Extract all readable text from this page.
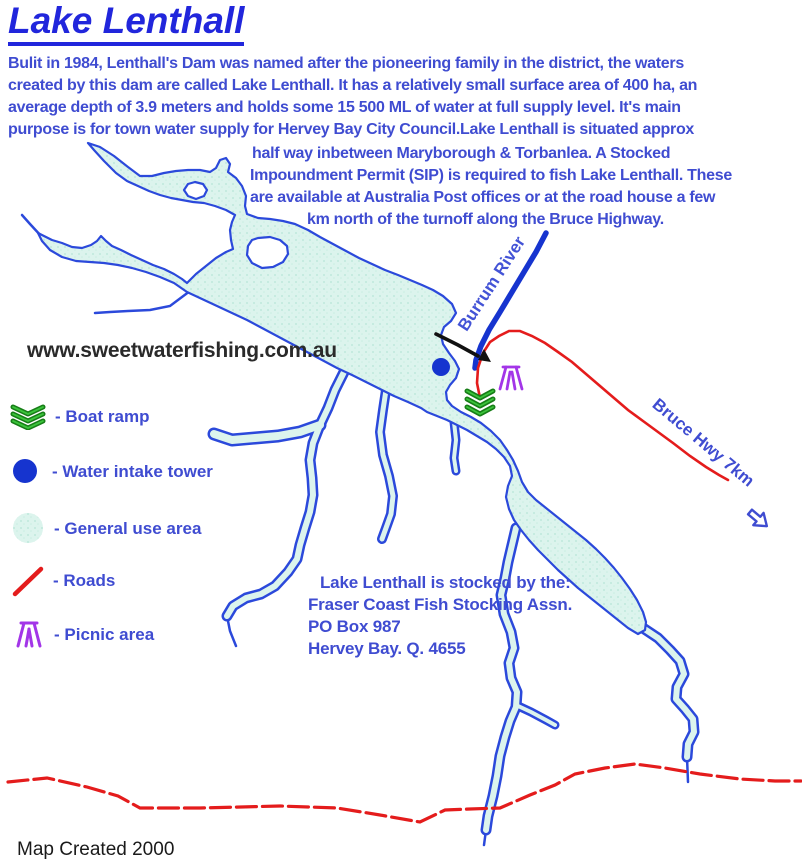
Lake Lenthall
Bulit in 1984, Lenthall's Dam was named after the pioneering family in the district, the waters
created by this dam are called Lake Lenthall. It has a relatively small surface area of 400 ha, an
average depth of 3.9 meters and holds some 15 500 ML of water at full supply level. It's main
purpose is for town water supply for Hervey Bay City Council.Lake Lenthall is situated approx
half way inbetween Maryborough & Torbanlea. A Stocked
Impoundment Permit (SIP) is required to fish Lake Lenthall. These
are available at Australia Post offices or at the road house a few
km north of the turnoff along the Bruce Highway.
www.sweetwaterfishing.com.au
- Boat ramp
- Water intake tower
- General use area
- Roads
- Picnic area
Lake Lenthall is stocked by the:
Fraser Coast Fish Stocking Assn.
PO Box 987
Hervey Bay. Q. 4655
Burrum River
Bruce Hwy 7km
Map Created 2000
